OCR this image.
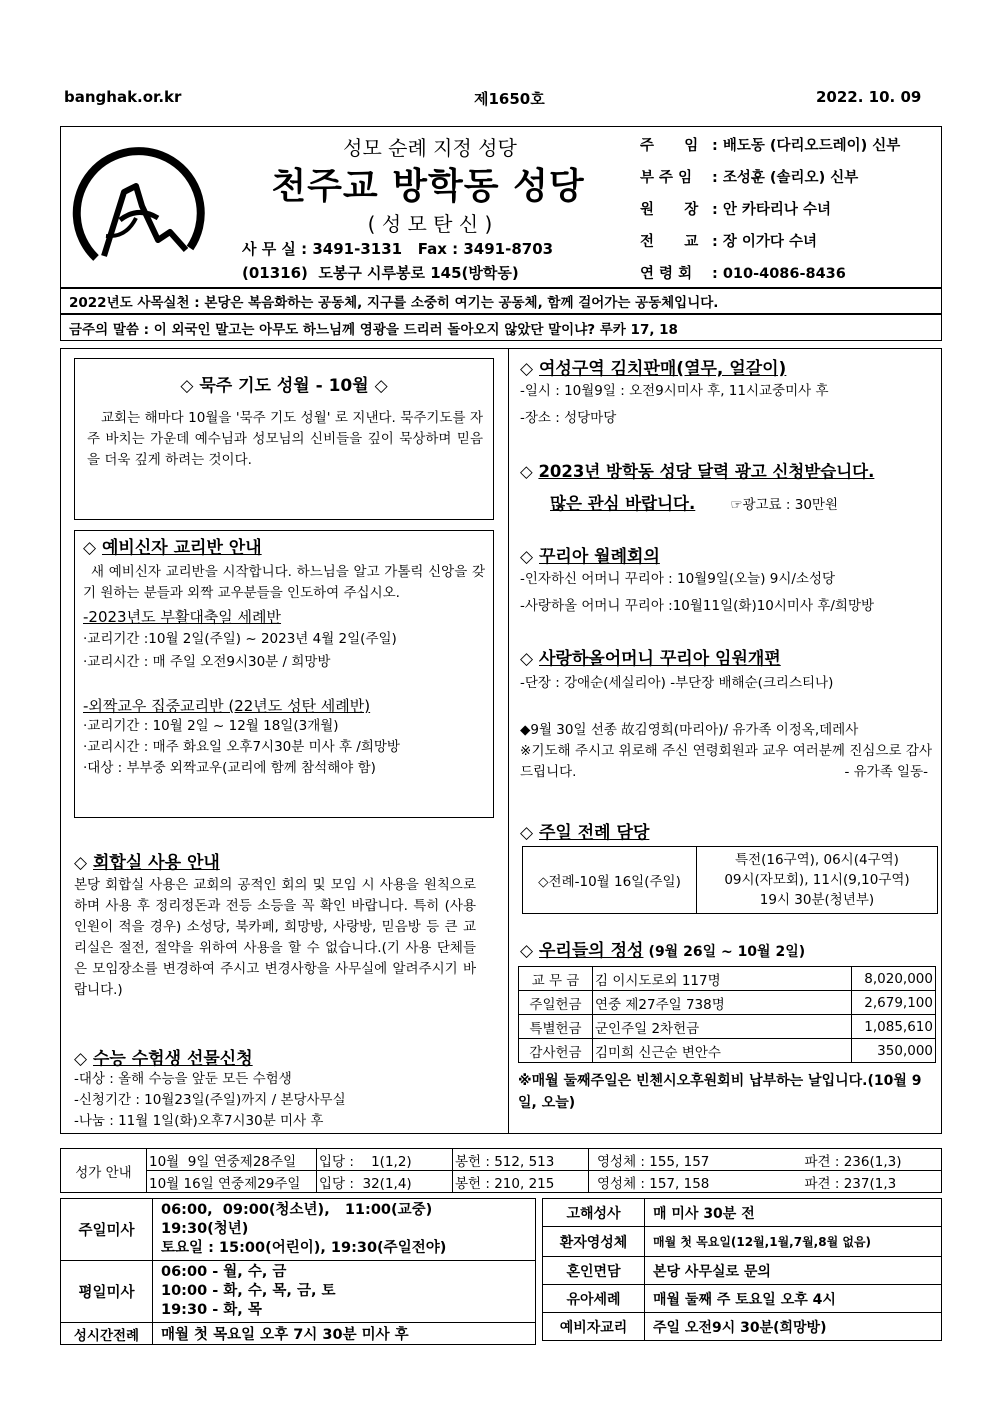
banghak.or.kr	제1650호	2022. 10. 09
성모 순례 지정 성당
천주교 방학동 성당
( 성 모 탄 신 )
사 무 실 : 3491-3131   Fax : 3491-8703
(01316)  도봉구 시루봉로 145(방학동)
주      임 : 배도동 (다리오드레이) 신부
부 주 임 : 조성훈 (솔리오) 신부
원      장 : 안 카타리나 수녀
전      교 : 장 이가다 수녀
연 령 회 : 010-4086-8436
2022년도 사목실천 : 본당은 복음화하는 공동체, 지구를 소중히 여기는 공동체, 함께 걸어가는 공동체입니다.
금주의 말씀 : 이 외국인 말고는 아무도 하느님께 영광을 드리러 돌아오지 않았단 말이냐? 루카 17, 18
◇ 묵주 기도 성월 - 10월 ◇
교회는 해마다 10월을 '묵주 기도 성월' 로 지낸다. 묵주기도를 자주 바치는 가운데 예수님과 성모님의 신비들을 깊이 묵상하며 믿음을 더욱 깊게 하려는 것이다.
◇ 예비신자 교리반 안내
새 예비신자 교리반을 시작합니다. 하느님을 알고 가톨릭 신앙을 갖기 원하는 분들과 외짝 교우분들을 인도하여 주십시오.
-2023년도 부활대축일 세례반
·교리기간 :10월 2일(주일) ~ 2023년 4월 2일(주일)
·교리시간 : 매 주일 오전9시30분 / 희망방
-외짝교우 집중교리반 (22년도 성탄 세례반)
·교리기간 : 10월 2일 ~ 12월 18일(3개월)
·교리시간 : 매주 화요일 오후7시30분 미사 후 /희망방
·대상 : 부부중 외짝교우(교리에 함께 참석해야 함)
◇ 회합실 사용 안내
본당 회합실 사용은 교회의 공적인 회의 및 모임 시 사용을 원칙으로 하며 사용 후 정리정돈과 전등 소등을 꼭 확인 바랍니다. 특히 (사용 인원이 적을 경우) 소성당, 북카페, 희망방, 사랑방, 믿음방 등 큰 교리실은 절전, 절약을 위하여 사용을 할 수 없습니다.(기 사용 단체들은 모임장소를 변경하여 주시고 변경사항을 사무실에 알려주시기 바랍니다.)
◇ 수능 수험생 선물신청
-대상 : 올해 수능을 앞둔 모든 수험생
-신청기간 : 10월23일(주일)까지 / 본당사무실
-나눔 : 11월 1일(화)오후7시30분 미사 후
◇ 여성구역 김치판매(열무, 얼갈이)
-일시 : 10월9일 : 오전9시미사 후, 11시교중미사 후
-장소 : 성당마당
◇ 2023년 방학동 성당 달력 광고 신청받습니다.
많은 관심 바랍니다.	☞광고료 : 30만원
◇ 꾸리아 월례회의
-인자하신 어머니 꾸리아 : 10월9일(오늘) 9시/소성당
-사랑하올 어머니 꾸리아 :10월11일(화)10시미사 후/희망방
◇ 사랑하올어머니 꾸리아 임원개편
-단장 : 강애순(세실리아) -부단장 배해순(크리스티나)
◆9월 30일 선종 故김영희(마리아)/ 유가족 이정옥,데레사
※기도해 주시고 위로해 주신 연령회원과 교우 여러분께 진심으로 감사드립니다.	- 유가족 일동-
◇ 주일 전례 담당
◇전례-10월 16일(주일)	
특전(16구역), 06시(4구역)
09시(자모회), 11시(9,10구역)
19시 30분(청년부)
◇ 우리들의 정성 (9월 26일 ~ 10월 2일)
교 무 금	김 이시도로외 117명	8,020,000
주일헌금	연중 제27주일 738명	2,679,100
특별헌금	군인주일 2차헌금	1,085,610
감사헌금	김미희 신근순 변안수	350,000
※매월 둘째주일은 빈첸시오후원회비 납부하는 날입니다.(10월 9일, 오늘)
성가 안내	10월  9일 연중제28주일	입당 :    1(1,2)	봉헌 : 512, 513	영성체 : 155, 157	파견 : 236(1,3)
	10월 16일 연중제29주일	입당 :  32(1,4)	봉헌 : 210, 215	영성체 : 157, 158	파견 : 237(1,3
주일미사	06:00,  09:00(청소년),   11:00(교중)
19:30(청년)
토요일 : 15:00(어린이), 19:30(주일전야)

평일미사	06:00 - 월, 수, 금
10:00 - 화, 수, 목, 금, 토
19:30 - 화, 목

성시간전례	매월 첫 목요일 오후 7시 30분 미사 후
고해성사	매 미사 30분 전
환자영성체	매월 첫 목요일(12월,1월,7월,8월 없음)
혼인면담	본당 사무실로 문의
유아세례	매월 둘째 주 토요일 오후 4시
예비자교리	주일 오전9시 30분(희망방)
